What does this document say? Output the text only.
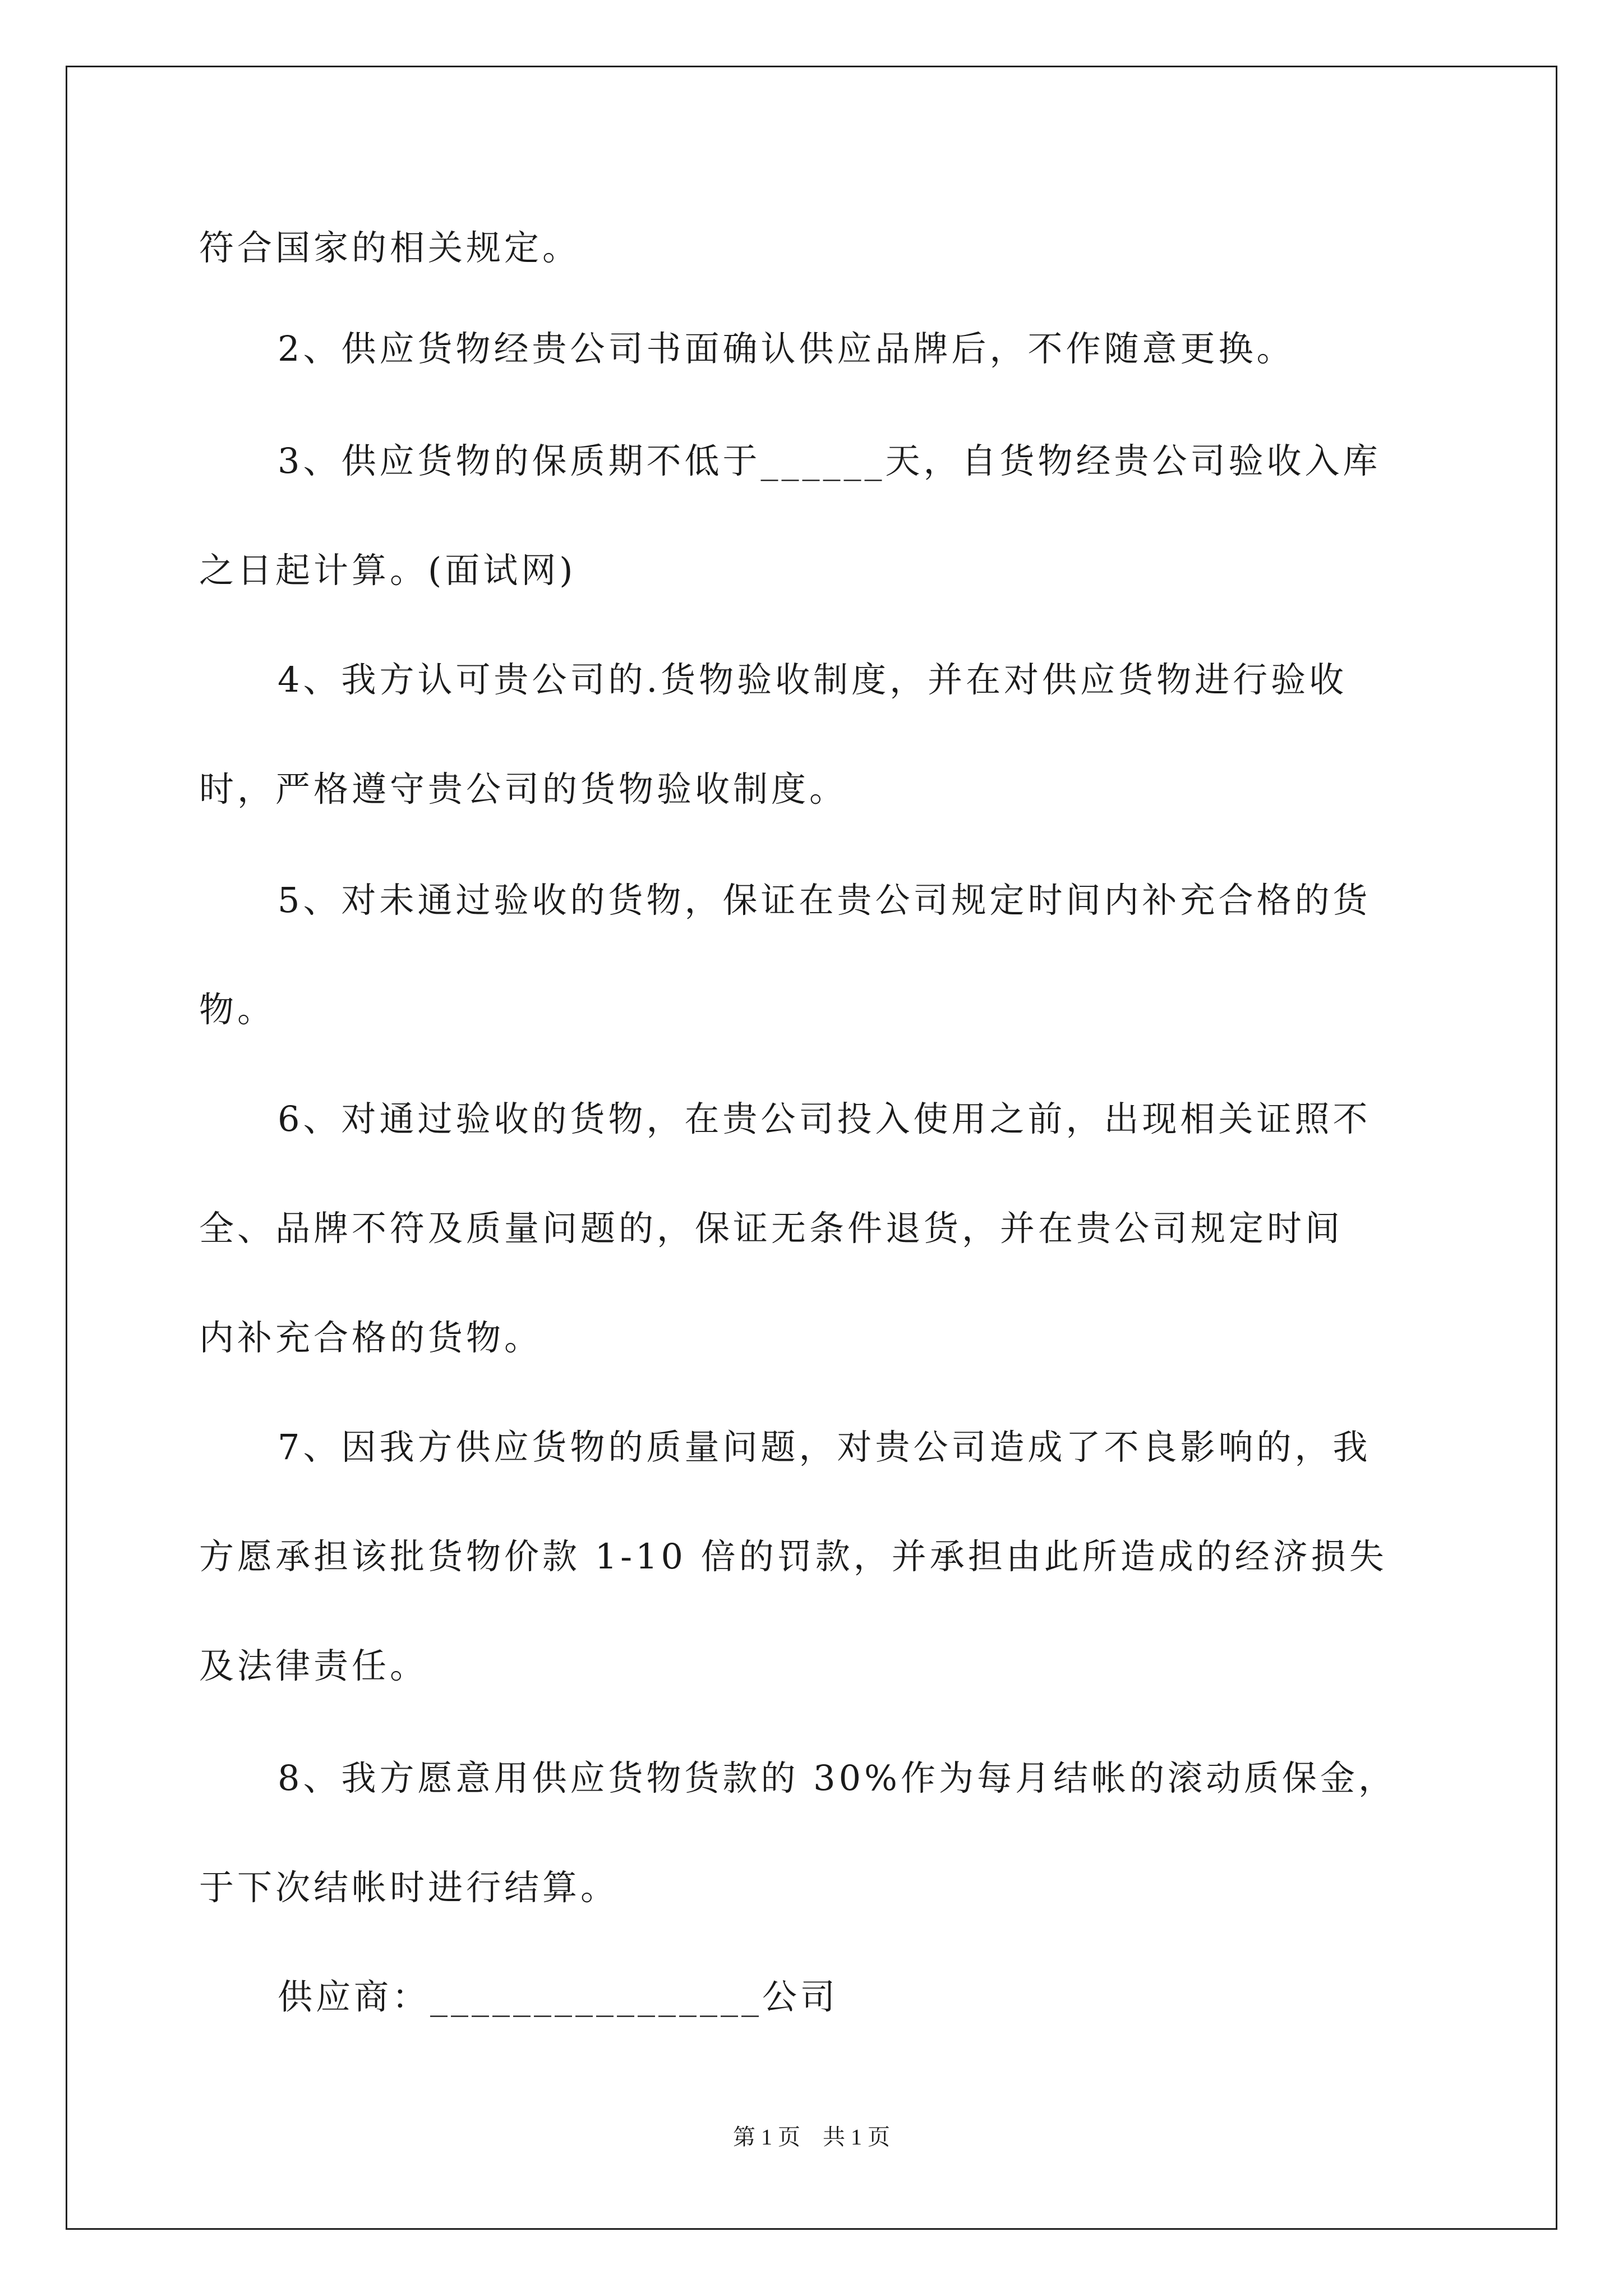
符合国家的相关规定。
2、供应货物经贵公司书面确认供应品牌后，不作随意更换。
3、供应货物的保质期不低于______天，自货物经贵公司验收入库
之日起计算。(面试网)
4、我方认可贵公司的.货物验收制度，并在对供应货物进行验收
时，严格遵守贵公司的货物验收制度。
5、对未通过验收的货物，保证在贵公司规定时间内补充合格的货
物。
6、对通过验收的货物，在贵公司投入使用之前，出现相关证照不
全、品牌不符及质量问题的，保证无条件退货，并在贵公司规定时间
内补充合格的货物。
7、因我方供应货物的质量问题，对贵公司造成了不良影响的，我
方愿承担该批货物价款 1-10 倍的罚款，并承担由此所造成的经济损失
及法律责任。
8、我方愿意用供应货物货款的 30%作为每月结帐的滚动质保金，
于下次结帐时进行结算。
供应商：________________公司
第 1 页    共 1 页
